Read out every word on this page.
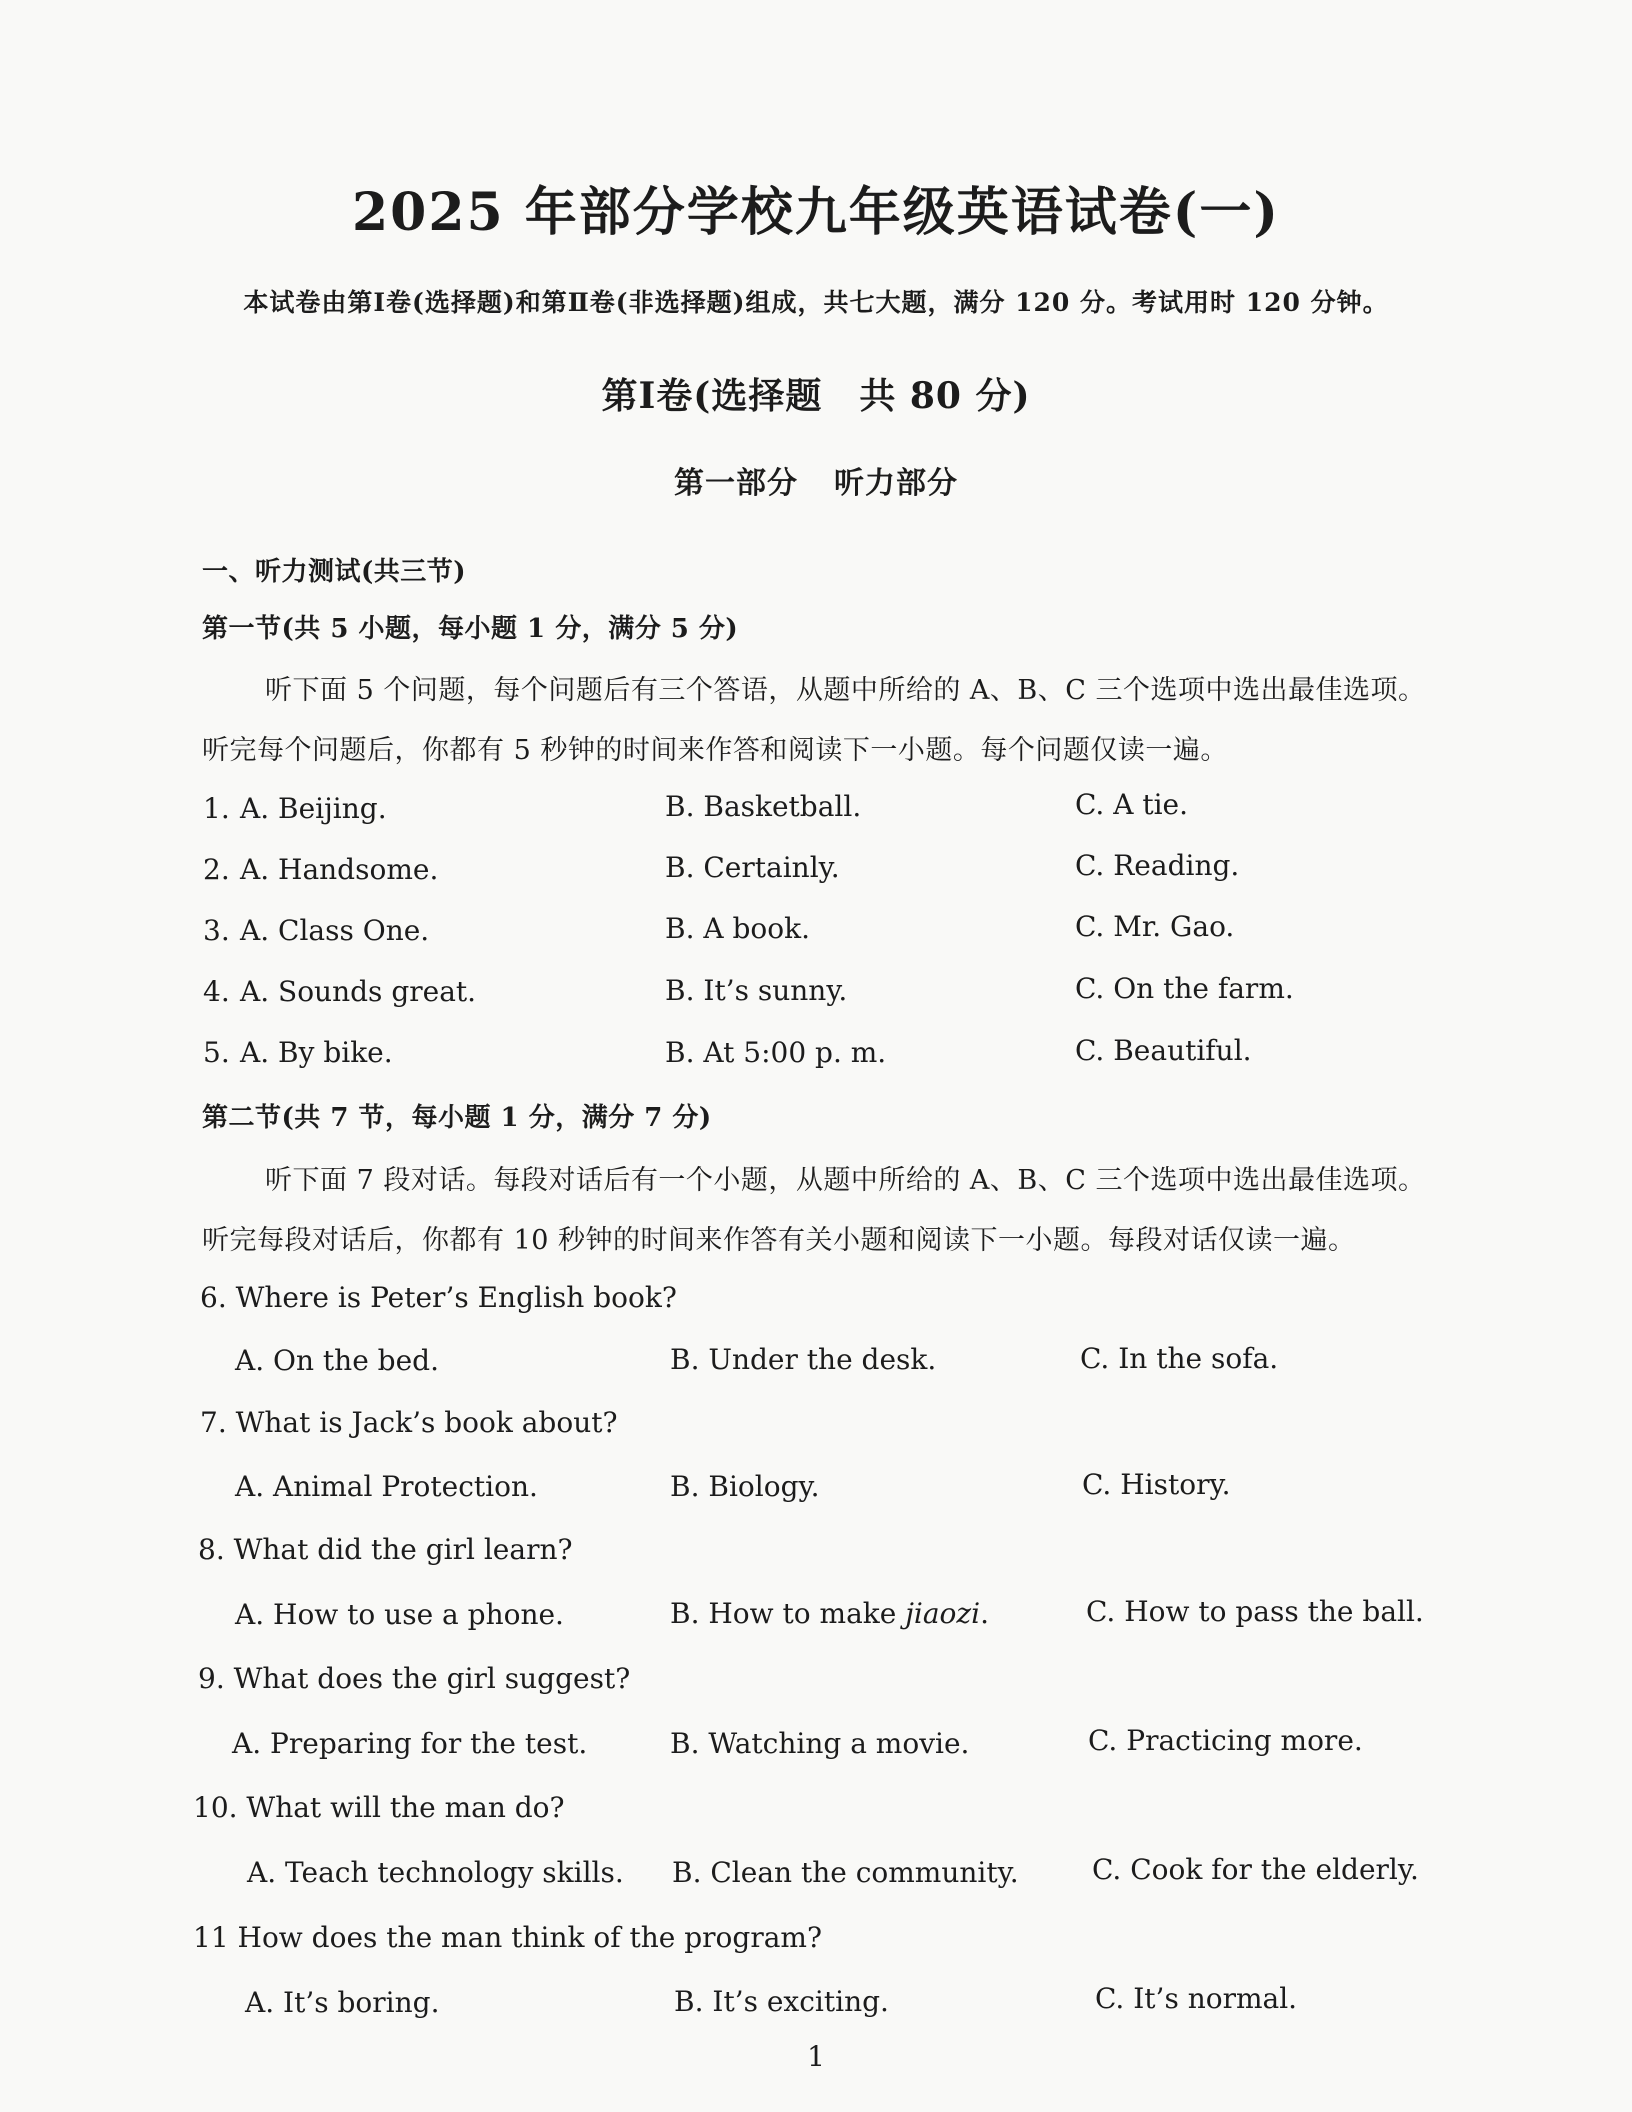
2025 年部分学校九年级英语试卷(一)
本试卷由第Ⅰ卷(选择题)和第Ⅱ卷(非选择题)组成，共七大题，满分 120 分。考试用时 120 分钟。
第Ⅰ卷(选择题　共 80 分)
第一部分 听力部分
一、听力测试(共三节)
第一节(共 5 小题，每小题 1 分，满分 5 分)
听下面 5 个问题，每个问题后有三个答语，从题中所给的 A、B、C 三个选项中选出最佳选项。
听完每个问题后，你都有 5 秒钟的时间来作答和阅读下一小题。每个问题仅读一遍。
1. A. Beijing.	B. Basketball.	C. A tie.
2. A. Handsome.	B. Certainly.	C. Reading.
3. A. Class One.	B. A book.	C. Mr. Gao.
4. A. Sounds great.	B. It’s sunny.	C. On the farm.
5. A. By bike.	B. At 5:00 p. m.	C. Beautiful.
第二节(共 7 节，每小题 1 分，满分 7 分)
听下面 7 段对话。每段对话后有一个小题，从题中所给的 A、B、C 三个选项中选出最佳选项。
听完每段对话后，你都有 10 秒钟的时间来作答有关小题和阅读下一小题。每段对话仅读一遍。
6. Where is Peter’s English book?
A. On the bed.	B. Under the desk.	C. In the sofa.
7. What is Jack’s book about?
A. Animal Protection.	B. Biology.	C. History.
8. What did the girl learn?
A. How to use a phone.	B. How to make jiaozi.	C. How to pass the ball.
9. What does the girl suggest?
A. Preparing for the test.	B. Watching a movie.	C. Practicing more.
10. What will the man do?
A. Teach technology skills. B. Clean the community.	C. Cook for the elderly.
11 How does the man think of the program?
A. It’s boring.	B. It’s exciting.	C. It’s normal.
1
